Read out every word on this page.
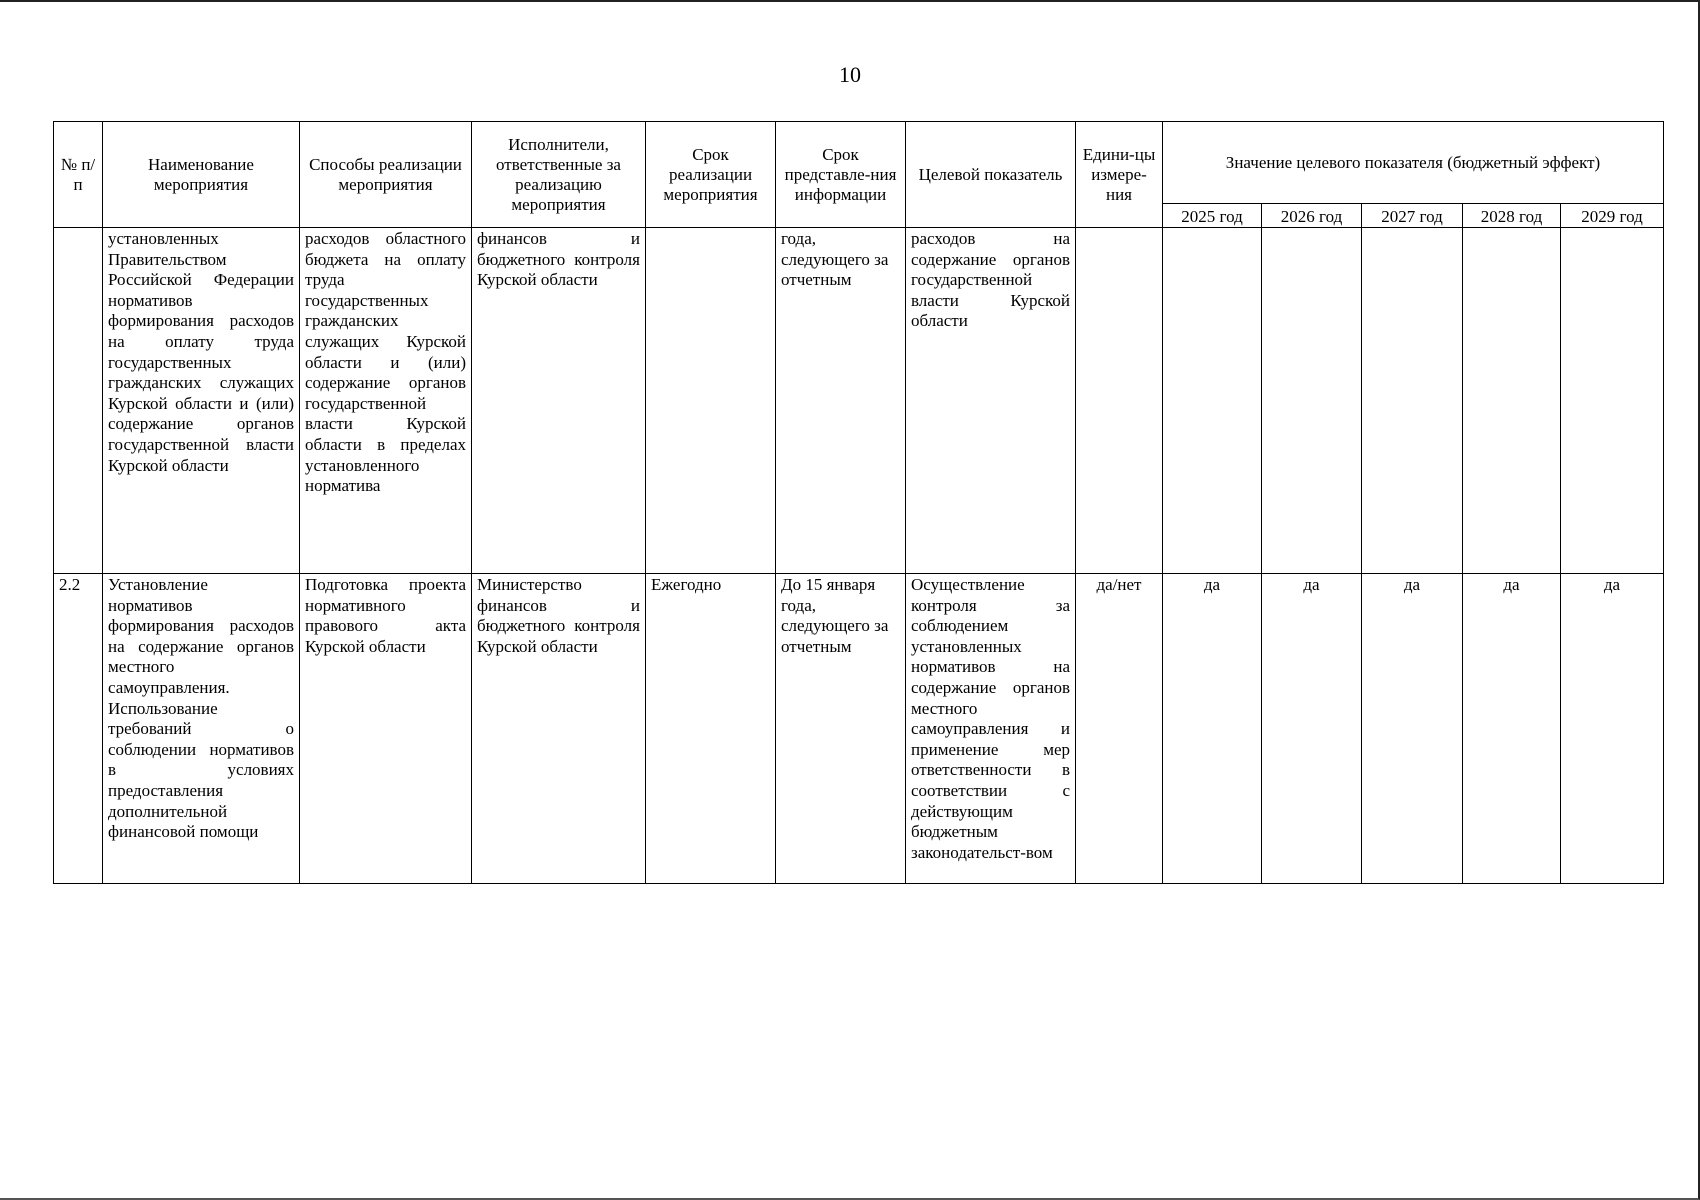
10
№ п/п	Наименование мероприятия	Способы реализации мероприятия	Исполнители, ответственные за реализацию мероприятия	Срок реализации мероприятия	Срок представле-ния информации	Целевой показатель	Едини-цы измере-ния	Значение целевого показателя (бюджетный эффект)				
								2025 год	2026 год	2027 год	2028 год	2029 год
	установленных Правительством Российской Федерации нормативов формирования расходов на оплату труда государственных гражданских служащих Курской области и (или) содержание органов государственной власти Курской области	расходов областного бюджета на оплату труда государственных гражданских служащих Курской области и (или) содержание органов государственной власти Курской области в пределах установленного норматива	финансов и бюджетного контроля Курской области		года, следующего за отчетным	расходов на содержание органов государственной власти Курской области						
2.2	Установление нормативов формирования расходов на содержание органов местного самоуправления. Использование требований о соблюдении нормативов в условиях предоставления дополнительной финансовой помощи	Подготовка проекта нормативного правового акта Курской области	Министерство финансов и бюджетного контроля Курской области	Ежегодно	До 15 января года, следующего за отчетным	Осуществление контроля за соблюдением установленных нормативов на содержание органов местного самоуправления и применение мер ответственности в соответствии с действующим бюджетным законодательст-вом	да/нет	да	да	да	да	да
